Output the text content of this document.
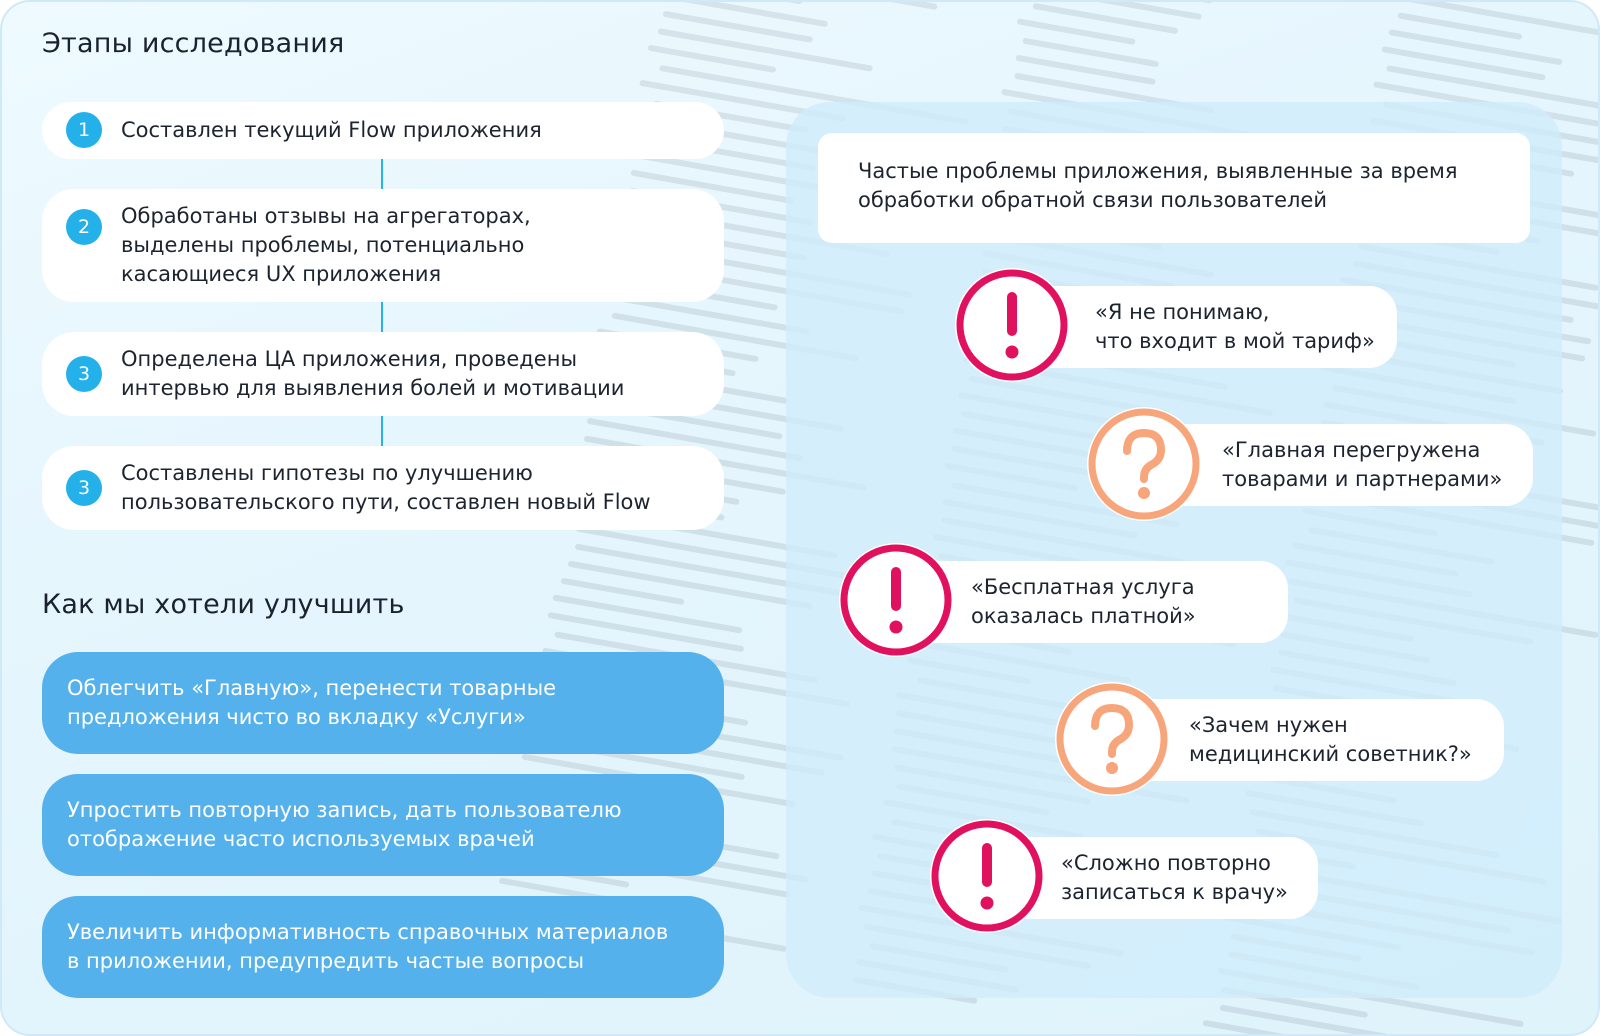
Этапы исследования
1	Составлен текущий Flow приложения
2	Обработаны отзывы на агрегаторах,
выделены проблемы, потенциально
касающиеся UX приложения
3
Определена ЦА приложения, проведены
интервью для выявления болей и мотивации
3
Составлены гипотезы по улучшению
пользовательского пути, составлен новый Flow
Как мы хотели улучшить
Облегчить «Главную», перенести товарные
предложения чисто во вкладку «Услуги»
Упростить повторную запись, дать пользователю
отображение часто используемых врачей
Увеличить информативность справочных материалов
в приложении, предупредить частые вопросы
Частые проблемы приложения, выявленные за время
обработки обратной связи пользователей
«Я не понимаю,
что входит в мой тариф»
«Главная перегружена
товарами и партнерами»
«Бесплатная услуга
оказалась платной»
«Зачем нужен
медицинский советник?»
«Сложно повторно
записаться к врачу»
